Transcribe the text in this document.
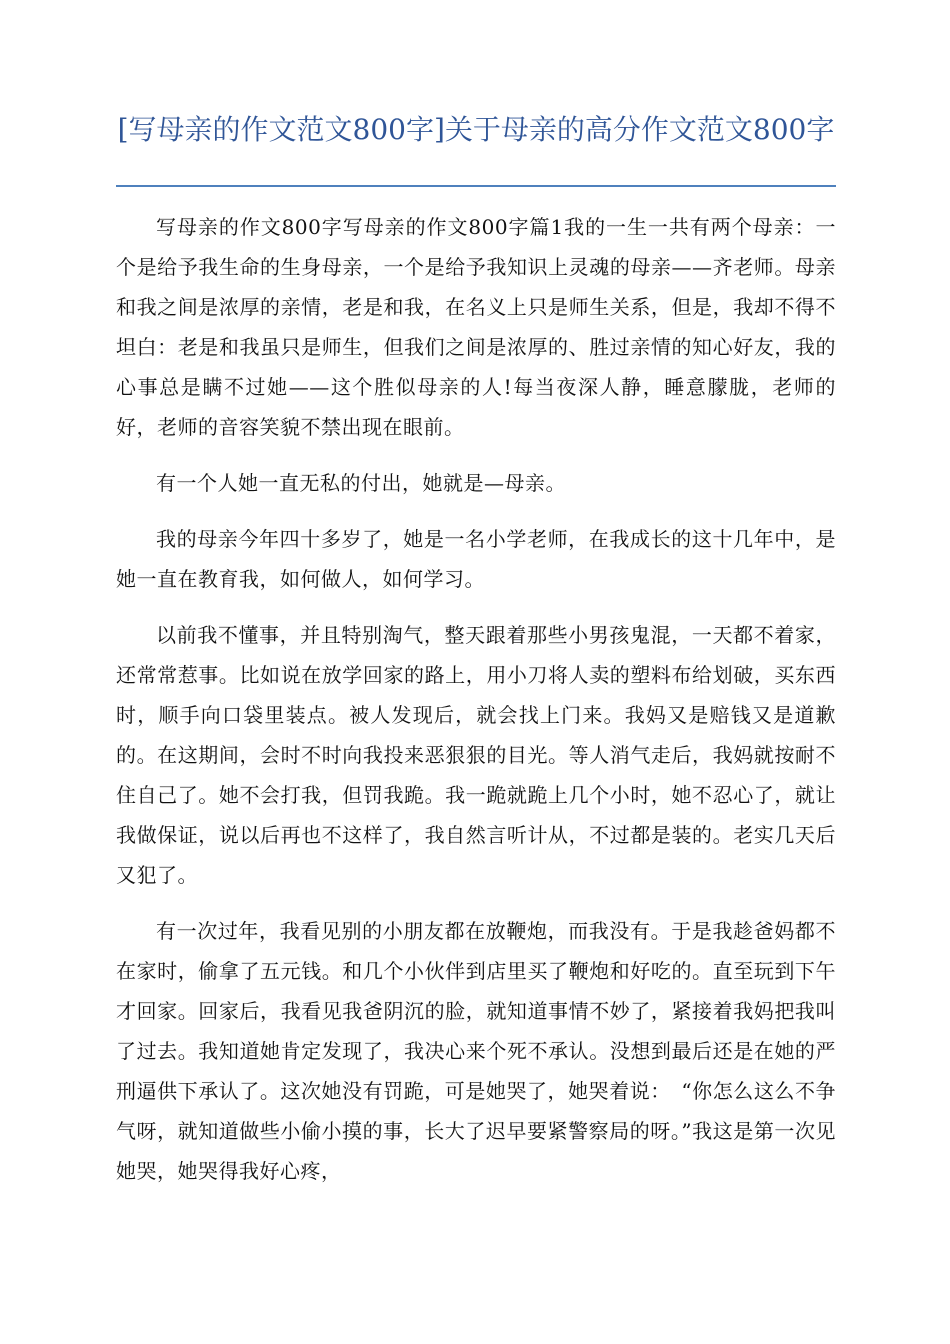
[写母亲的作文范文800字]关于母亲的高分作文范文800字

写母亲的作文800字写母亲的作文800字篇1我的一生一共有两个母亲：一个是给予我生命的生身母亲，一个是给予我知识上灵魂的母亲——齐老师。母亲和我之间是浓厚的亲情，老是和我，在名义上只是师生关系，但是，我却不得不坦白：老是和我虽只是师生，但我们之间是浓厚的、胜过亲情的知心好友，我的心事总是瞒不过她——这个胜似母亲的人!每当夜深人静，睡意朦胧，老师的好，老师的音容笑貌不禁出现在眼前。

有一个人她一直无私的付出，她就是—母亲。

我的母亲今年四十多岁了，她是一名小学老师，在我成长的这十几年中，是她一直在教育我，如何做人，如何学习。

以前我不懂事，并且特别淘气，整天跟着那些小男孩鬼混，一天都不着家，还常常惹事。比如说在放学回家的路上，用小刀将人卖的塑料布给划破，买东西时，顺手向口袋里装点。被人发现后，就会找上门来。我妈又是赔钱又是道歉的。在这期间，会时不时向我投来恶狠狠的目光。等人消气走后，我妈就按耐不住自己了。她不会打我，但罚我跪。我一跪就跪上几个小时，她不忍心了，就让我做保证，说以后再也不这样了，我自然言听计从，不过都是装的。老实几天后又犯了。

有一次过年，我看见别的小朋友都在放鞭炮，而我没有。于是我趁爸妈都不在家时，偷拿了五元钱。和几个小伙伴到店里买了鞭炮和好吃的。直至玩到下午才回家。回家后，我看见我爸阴沉的脸，就知道事情不妙了，紧接着我妈把我叫了过去。我知道她肯定发现了，我决心来个死不承认。没想到最后还是在她的严刑逼供下承认了。这次她没有罚跪，可是她哭了，她哭着说：　“你怎么这么不争气呀，就知道做些小偷小摸的事，长大了迟早要紧警察局的呀。”我这是第一次见她哭，她哭得我好心疼，
